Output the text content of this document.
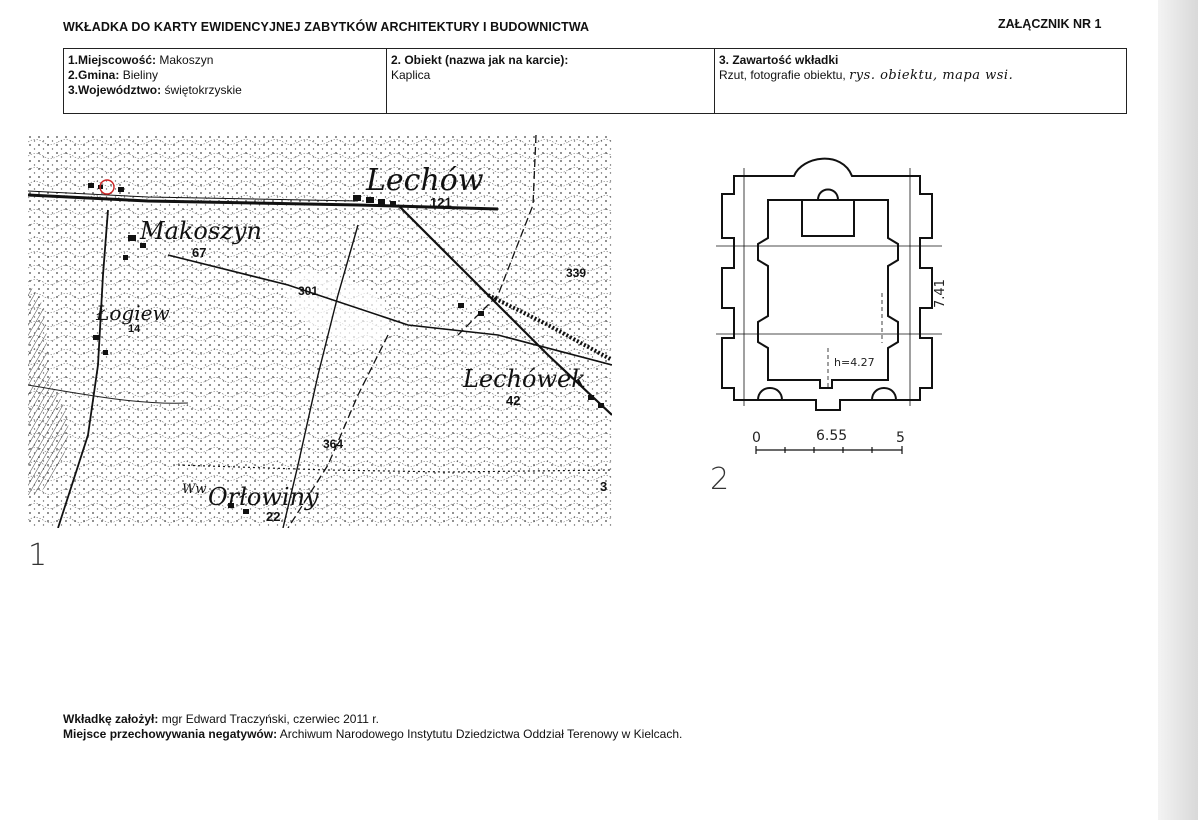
WKŁADKA DO KARTY EWIDENCYJNEJ ZABYTKÓW ARCHITEKTURY I BUDOWNICTWA	ZAŁĄCZNIK NR 1
1.Miejscowość: Makoszyn
2.Gmina: Bieliny
3.Województwo: świętokrzyskie
2. Obiekt (nazwa jak na karcie):
Kaplica
3. Zawartość wkładki
Rzut, fotografie obiektu, rys. obiektu, mapa wsi.
Lechów
121
Makoszyn
67
301
339
Łogiew
14
Lechówek
42
364
Ww Orłowiny
22
3
1
h=4.27
7.41
6.55
0	5
2
Wkładkę założył: mgr Edward Traczyński, czerwiec 2011 r.
Miejsce przechowywania negatywów: Archiwum Narodowego Instytutu Dziedzictwa Oddział Terenowy w Kielcach.
